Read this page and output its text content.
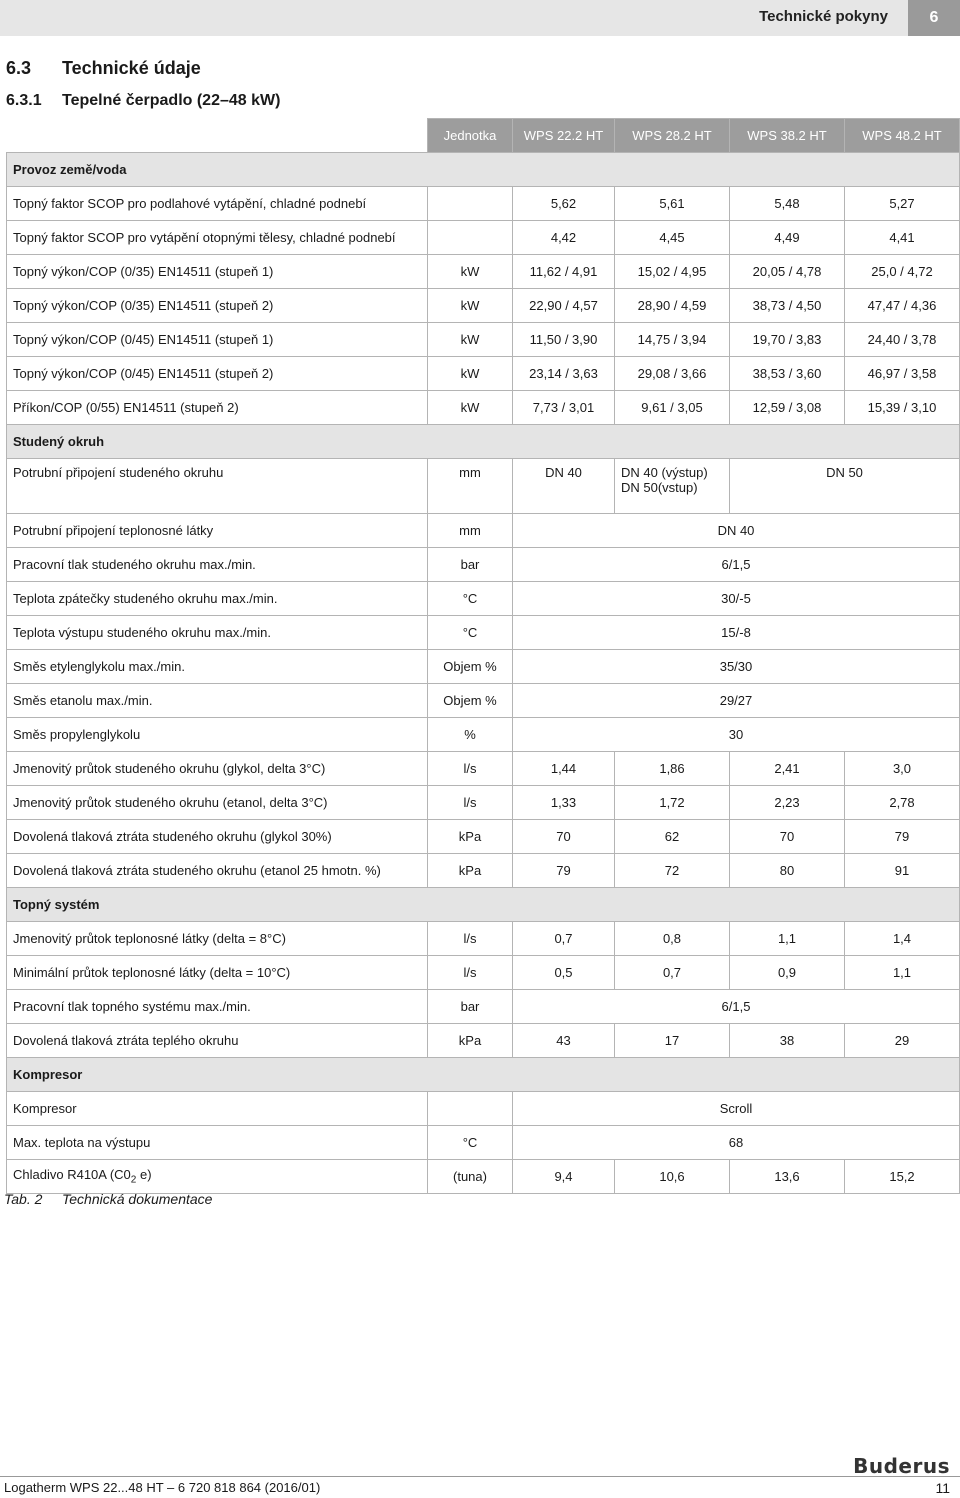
Technické pokyny	6
6.3 Technické údaje
6.3.1 Tepelné čerpadlo (22–48 kW)
	Jednotka	WPS 22.2 HT	WPS 28.2 HT	WPS 38.2 HT	WPS 48.2 HT
Provoz země/voda					
Topný faktor SCOP pro podlahové vytápění, chladné podnebí		5,62	5,61	5,48	5,27
Topný faktor SCOP pro vytápění otopnými tělesy, chladné podnebí		4,42	4,45	4,49	4,41
Topný výkon/COP (0/35) EN14511 (stupeň 1)	kW	11,62 / 4,91	15,02 / 4,95	20,05 / 4,78	25,0 / 4,72
Topný výkon/COP (0/35) EN14511 (stupeň 2)	kW	22,90 / 4,57	28,90 / 4,59	38,73 / 4,50	47,47 / 4,36
Topný výkon/COP (0/45) EN14511 (stupeň 1)	kW	11,50 / 3,90	14,75 / 3,94	19,70 / 3,83	24,40 / 3,78
Topný výkon/COP (0/45) EN14511 (stupeň 2)	kW	23,14 / 3,63	29,08 / 3,66	38,53 / 3,60	46,97 / 3,58
Příkon/COP (0/55) EN14511 (stupeň 2)	kW	7,73 / 3,01	9,61 / 3,05	12,59 / 3,08	15,39 / 3,10
Studený okruh					
Potrubní připojení studeného okruhu	mm	DN 40	DN 40 (výstup)
DN 50(vstup)	DN 50	
Potrubní připojení teplonosné látky	mm	DN 40			
Pracovní tlak studeného okruhu max./min.	bar	6/1,5			
Teplota zpátečky studeného okruhu max./min.	°C	30/-5			
Teplota výstupu studeného okruhu max./min.	°C	15/-8			
Směs etylenglykolu max./min.	Objem %	35/30			
Směs etanolu max./min.	Objem %	29/27			
Směs propylenglykolu	%	30			
Jmenovitý průtok studeného okruhu (glykol, delta 3°C)	l/s	1,44	1,86	2,41	3,0
Jmenovitý průtok studeného okruhu (etanol, delta 3°C)	l/s	1,33	1,72	2,23	2,78
Dovolená tlaková ztráta studeného okruhu (glykol 30%)	kPa	70	62	70	79
Dovolená tlaková ztráta studeného okruhu (etanol 25 hmotn. %)	kPa	79	72	80	91
Topný systém					
Jmenovitý průtok teplonosné látky (delta = 8°C)	l/s	0,7	0,8	1,1	1,4
Minimální průtok teplonosné látky (delta = 10°C)	l/s	0,5	0,7	0,9	1,1
Pracovní tlak topného systému max./min.	bar	6/1,5			
Dovolená tlaková ztráta teplého okruhu	kPa	43	17	38	29
Kompresor					
Kompresor		Scroll			
Max. teplota na výstupu	°C	68			
Chladivo R410A ($C0_2$ e)	(tuna)	9,4	10,6	13,6	15,2
Tab. 2 Technická dokumentace
Buderus
Logatherm WPS 22...48 HT – 6 720 818 864 (2016/01)	11
